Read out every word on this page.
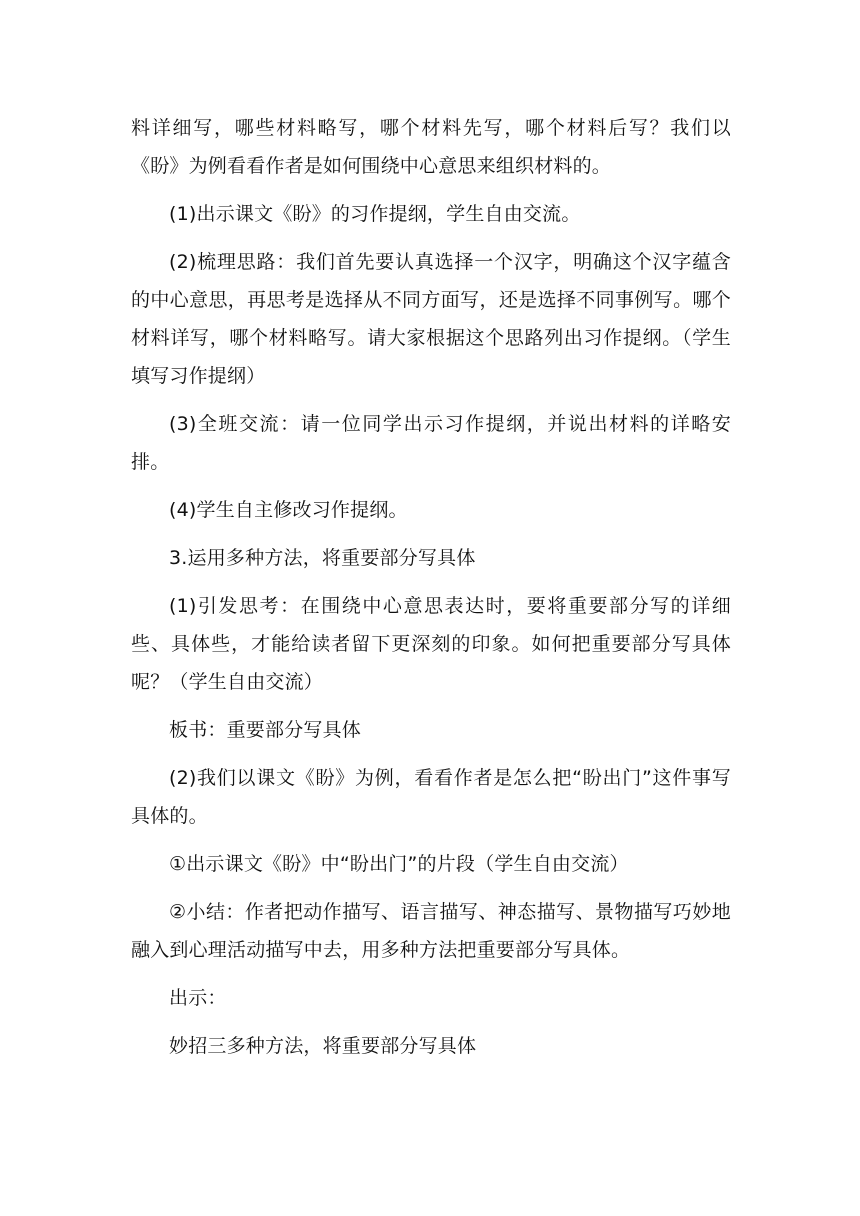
料详细写，哪些材料略写，哪个材料先写，哪个材料后写？我们以《盼》为例看看作者是如何围绕中心意思来组织材料的。

(1)出示课文《盼》的习作提纲，学生自由交流。

(2)梳理思路：我们首先要认真选择一个汉字，明确这个汉字蕴含的中心意思，再思考是选择从不同方面写，还是选择不同事例写。哪个材料详写，哪个材料略写。请大家根据这个思路列出习作提纲。（学生填写习作提纲）

(3)全班交流：请一位同学出示习作提纲，并说出材料的详略安排。

(4)学生自主修改习作提纲。

3.运用多种方法，将重要部分写具体

(1)引发思考：在围绕中心意思表达时，要将重要部分写的详细些、具体些，才能给读者留下更深刻的印象。如何把重要部分写具体呢？（学生自由交流）

板书：重要部分写具体

(2)我们以课文《盼》为例，看看作者是怎么把“盼出门”这件事写具体的。

①出示课文《盼》中“盼出门”的片段（学生自由交流）

②小结：作者把动作描写、语言描写、神态描写、景物描写巧妙地融入到心理活动描写中去，用多种方法把重要部分写具体。

出示：

妙招三多种方法，将重要部分写具体
